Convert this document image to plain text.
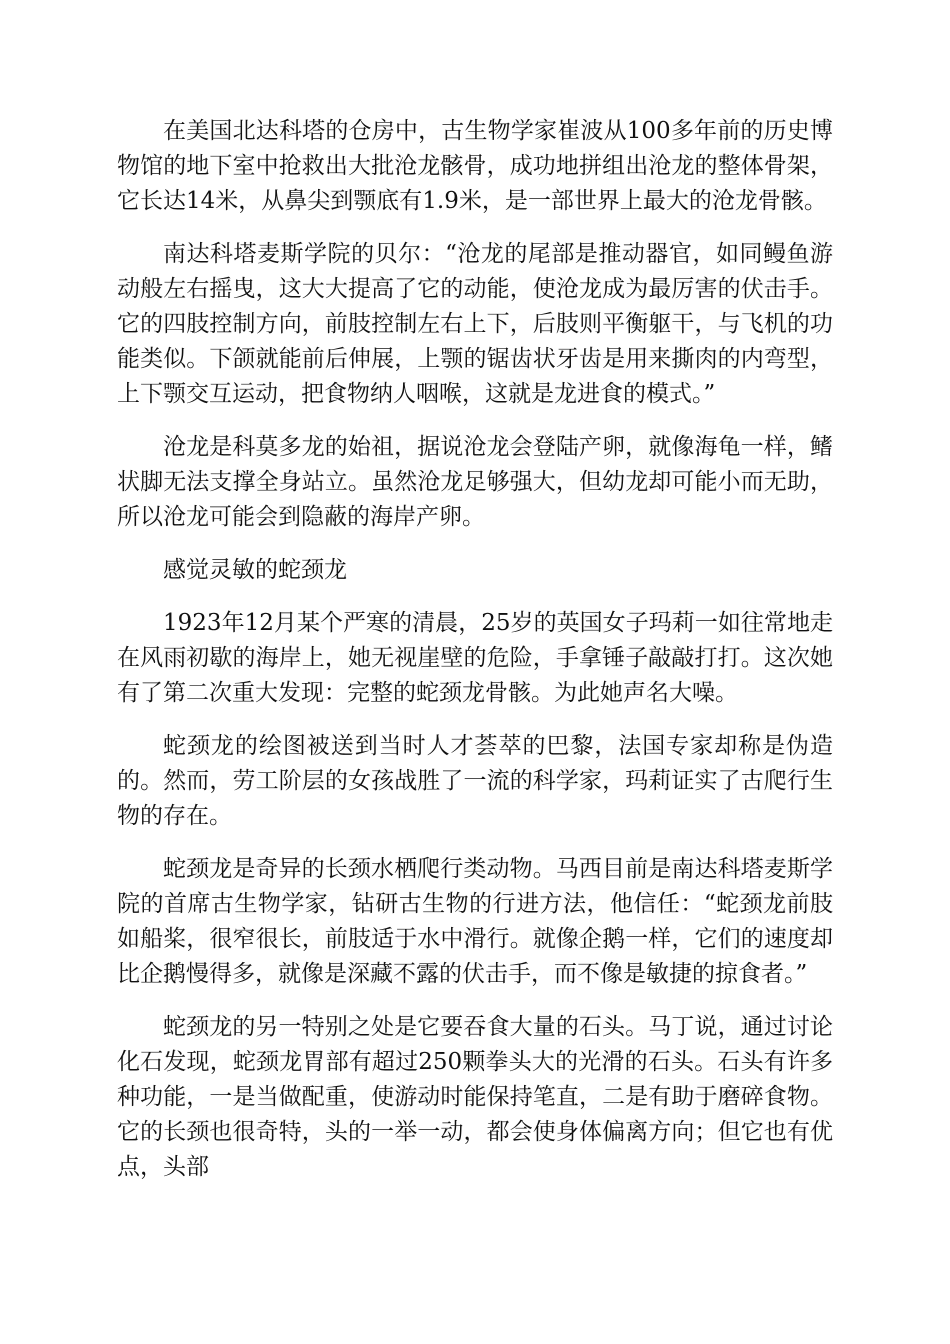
在美国北达科塔的仓房中，古生物学家崔波从100多年前的历史博物馆的地下室中抢救出大批沧龙骸骨，成功地拼组出沧龙的整体骨架，它长达14米，从鼻尖到颚底有1.9米，是一部世界上最大的沧龙骨骸。

南达科塔麦斯学院的贝尔：“沧龙的尾部是推动器官，如同鳗鱼游动般左右摇曳，这大大提高了它的动能，使沧龙成为最厉害的伏击手。它的四肢控制方向，前肢控制左右上下，后肢则平衡躯干，与飞机的功能类似。下颌就能前后伸展，上颚的锯齿状牙齿是用来撕肉的内弯型，上下颚交互运动，把食物纳人咽喉，这就是龙进食的模式。”

沧龙是科莫多龙的始祖，据说沧龙会登陆产卵，就像海龟一样，鳍状脚无法支撑全身站立。虽然沧龙足够强大，但幼龙却可能小而无助，所以沧龙可能会到隐蔽的海岸产卵。

感觉灵敏的蛇颈龙

1923年12月某个严寒的清晨，25岁的英国女子玛莉一如往常地走在风雨初歇的海岸上，她无视崖壁的危险，手拿锤子敲敲打打。这次她有了第二次重大发现：完整的蛇颈龙骨骸。为此她声名大噪。

蛇颈龙的绘图被送到当时人才荟萃的巴黎，法国专家却称是伪造的。然而，劳工阶层的女孩战胜了一流的科学家，玛莉证实了古爬行生物的存在。

蛇颈龙是奇异的长颈水栖爬行类动物。马西目前是南达科塔麦斯学院的首席古生物学家，钻研古生物的行进方法，他信任：“蛇颈龙前肢如船桨，很窄很长，前肢适于水中滑行。就像企鹅一样，它们的速度却比企鹅慢得多，就像是深藏不露的伏击手，而不像是敏捷的掠食者。”

蛇颈龙的另一特别之处是它要吞食大量的石头。马丁说，通过讨论化石发现，蛇颈龙胃部有超过250颗拳头大的光滑的石头。石头有许多种功能，一是当做配重，使游动时能保持笔直，二是有助于磨碎食物。它的长颈也很奇特，头的一举一动，都会使身体偏离方向；但它也有优点，头部
